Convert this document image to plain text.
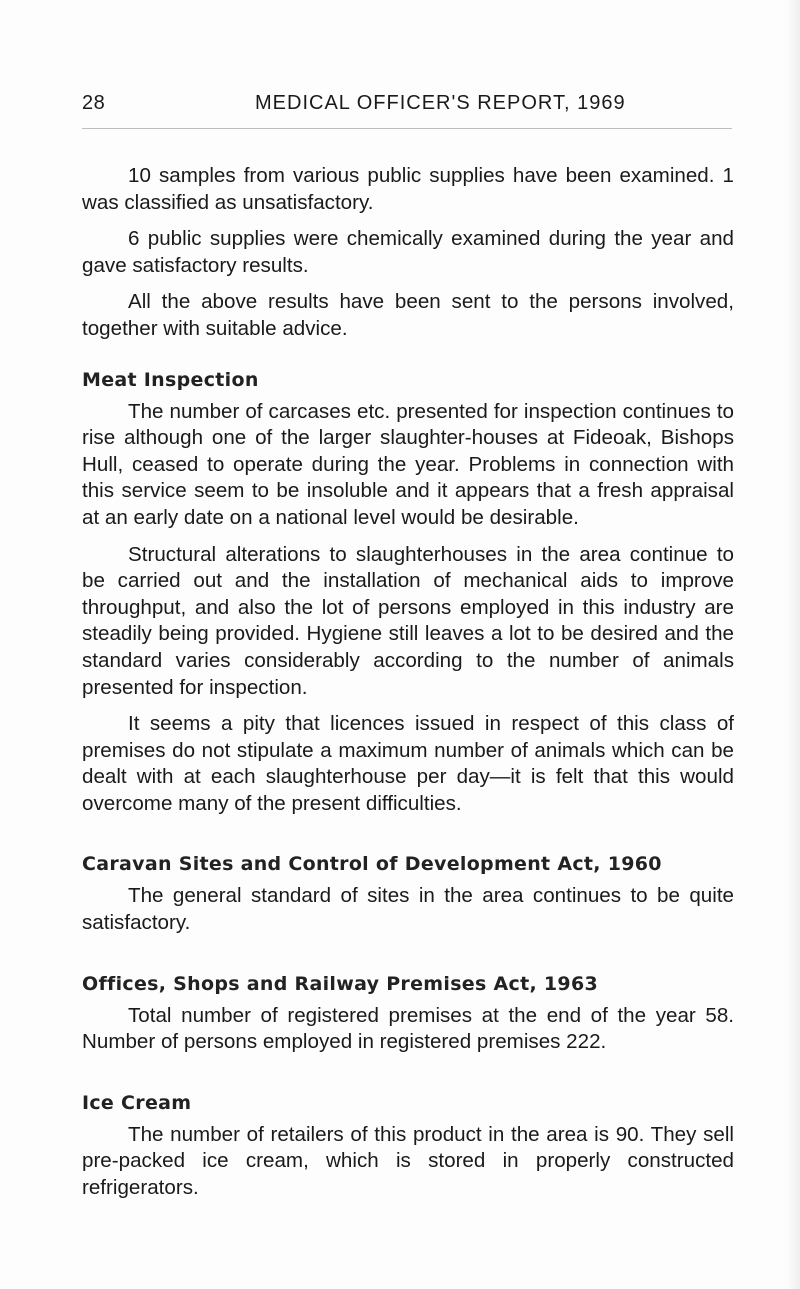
28	MEDICAL OFFICER'S REPORT, 1969

10 samples from various public supplies have been examined. 1 was classified as unsatisfactory.

6 public supplies were chemically examined during the year and gave satisfactory results.

All the above results have been sent to the persons involved, together with suitable advice.

Meat Inspection

The number of carcases etc. presented for inspection continues to rise although one of the larger slaughter-houses at Fideoak, Bishops Hull, ceased to operate during the year. Problems in connection with this service seem to be insoluble and it appears that a fresh appraisal at an early date on a national level would be desirable.

Structural alterations to slaughterhouses in the area continue to be carried out and the installation of mechanical aids to improve throughput, and also the lot of persons employed in this industry are steadily being provided. Hygiene still leaves a lot to be desired and the standard varies considerably according to the number of animals presented for inspection.

It seems a pity that licences issued in respect of this class of premises do not stipulate a maximum number of animals which can be dealt with at each slaughterhouse per day—it is felt that this would overcome many of the present difficulties.

Caravan Sites and Control of Development Act, 1960

The general standard of sites in the area continues to be quite satisfactory.

Offices, Shops and Railway Premises Act, 1963

Total number of registered premises at the end of the year 58. Number of persons employed in registered premises 222.

Ice Cream

The number of retailers of this product in the area is 90. They sell pre-packed ice cream, which is stored in properly constructed refrigerators.
